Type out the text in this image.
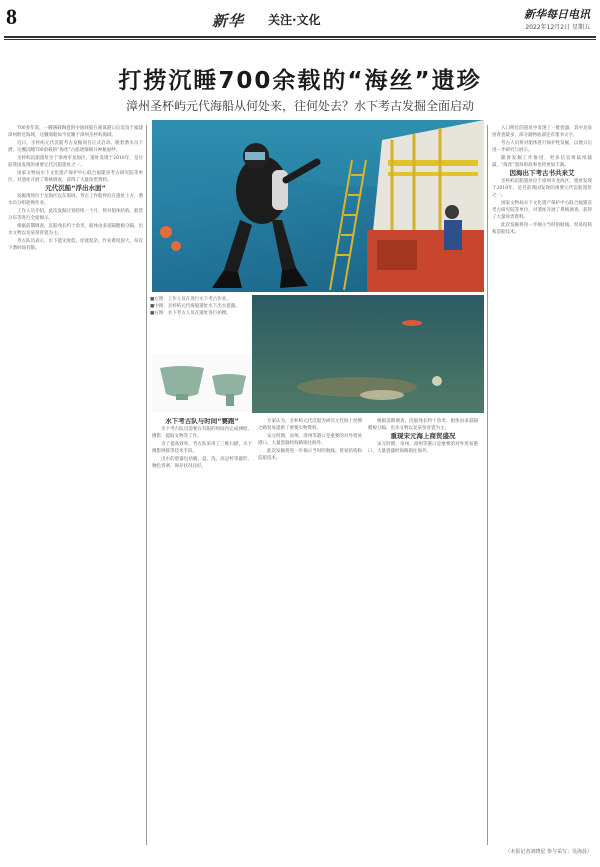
8	新华 关注·文化	新华每日电讯
2022年12月2日 星期五
打捞沉睡700余载的“海丝”遗珍
漳州圣杯屿元代海船从何处来，往何处去？水下考古发掘全面启动

700多年前，一艘满载陶瓷的中国商船在驶离港口后沉没于福建漳州附近海域，这艘商船如今沉睡于漳州圣杯屿海域。

近日，圣杯屿元代沉船考古发掘项目正式启动。随着潜水员下潜，这艘沉睡700余载的“海丝”古船逐渐揭开神秘面纱。

圣杯屿沉船遗址位于漳州市龙海区，遗址发现于2010年，是目前我国发现的重要元代沉船遗址之一。

国家文物局水下文化遗产保护中心联合福建省考古研究院等单位，对遗址开展了系统调查，获得了大量珍贵资料。

元代沉船“浮出水面”

发掘现场位于龙海区以东海域，考古工作船停泊在遗址上方，潜水员分组轮换作业。

工作人员介绍，此次发掘计划持续一个月，将对船体结构、船货分布等进行全面揭示。

根据前期调查，沉船残长约十余米，船体由多道隔舱板分隔，出水文物以龙泉窑青瓷为主。

考古队员表示，水下能见度低、洋流复杂，作业难度很大，每次下潜时间有限。

■左图：工作人员在进行水下考古作业。
■中图：圣杯屿元代海船遗址水下出水瓷器。
■右图：水下考古人员在遗址进行拍摄。
新华社记者 摄

水下考古队与时间“赛跑”

水下考古队员需要在有限的时间内完成测绘、摄影、提取文物等工作。

为了提高效率，考古队采用了三维扫描、水下摄影拼接等技术手段。

出水的瓷器包括碗、盘、洗、高足杯等器形，釉色青翠，保存状况良好。

专家认为，圣杯屿元代沉船为研究元代海上丝绸之路贸易提供了重要实物资料。

宋元时期，泉州、漳州等港口是重要的对外贸易港口，大量瓷器经海路销往海外。

此次发掘将进一步揭示当时的航线、贸易结构和造船技术。

根据前期调查，沉船残长约十余米，船体由多道隔舱板分隔，出水文物以龙泉窑青瓷为主。

重现宋元海上商贸盛况

宋元时期，泉州、漳州等港口是重要的对外贸易港口，大量瓷器经海路销往海外。

入口附近的遗址中发现了一批瓷器，其中龙泉窑青瓷最多，部分器物底部还有墨书文字。

考古人员将对船体进行保护性发掘，以便日后进一步研究与展示。

随着发掘工作推进，更多信息将陆续披露，“海丝”遗珍的故事也将更加丰满。

因海出下考古书共来艾

圣杯屿沉船遗址位于漳州市龙海区，遗址发现于2010年，是目前我国发现的重要元代沉船遗址之一。

国家文物局水下文化遗产保护中心联合福建省考古研究院等单位，对遗址开展了系统调查，获得了大量珍贵资料。

此次发掘将进一步揭示当时的航线、贸易结构和造船技术。

（本报记者刘晓星 参与采写：吴海晨）
